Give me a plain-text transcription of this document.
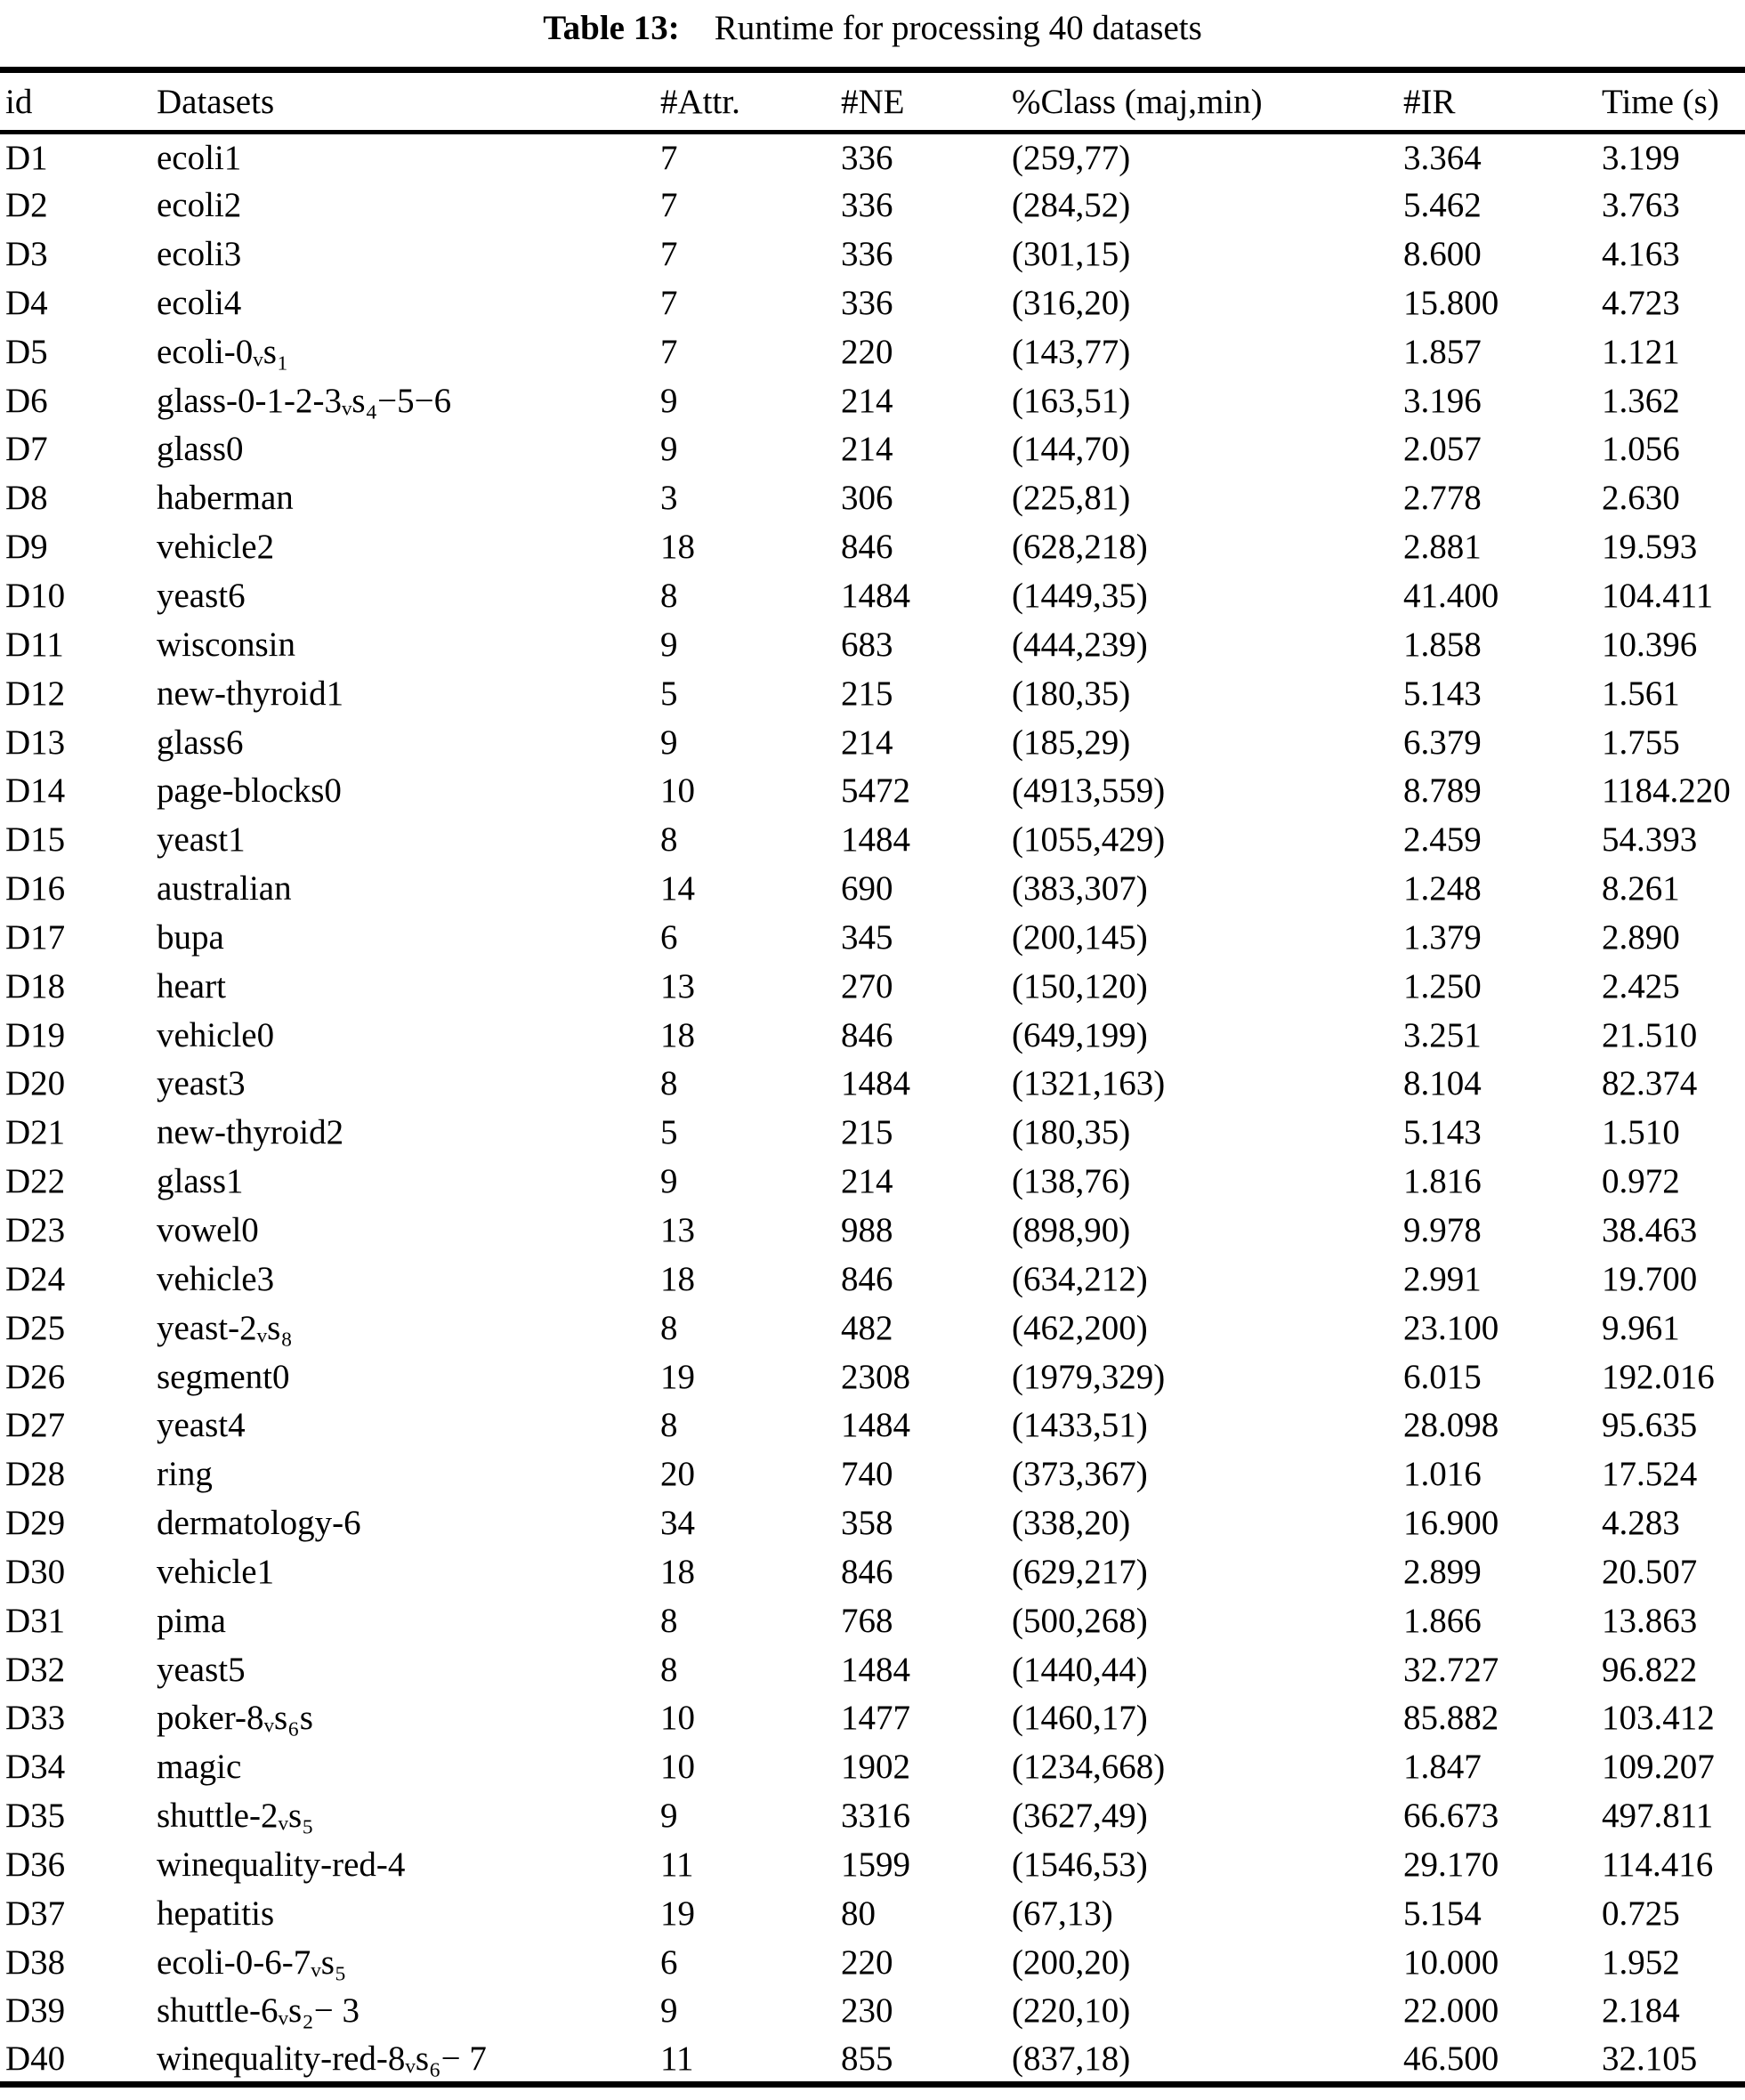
Table 13: Runtime for processing 40 datasets
id	Datasets	#Attr.	#NE	%Class (maj,min)	#IR	Time (s)
D1	ecoli1	7	336	(259,77)	3.364	3.199
D2	ecoli2	7	336	(284,52)	5.462	3.763
D3	ecoli3	7	336	(301,15)	8.600	4.163
D4	ecoli4	7	336	(316,20)	15.800	4.723
D5	ecoli-0ᵥs₁	7	220	(143,77)	1.857	1.121
D6	glass-0-1-2-3ᵥs₄−5−6	9	214	(163,51)	3.196	1.362
D7	glass0	9	214	(144,70)	2.057	1.056
D8	haberman	3	306	(225,81)	2.778	2.630
D9	vehicle2	18	846	(628,218)	2.881	19.593
D10	yeast6	8	1484	(1449,35)	41.400	104.411
D11	wisconsin	9	683	(444,239)	1.858	10.396
D12	new-thyroid1	5	215	(180,35)	5.143	1.561
D13	glass6	9	214	(185,29)	6.379	1.755
D14	page-blocks0	10	5472	(4913,559)	8.789	1184.220
D15	yeast1	8	1484	(1055,429)	2.459	54.393
D16	australian	14	690	(383,307)	1.248	8.261
D17	bupa	6	345	(200,145)	1.379	2.890
D18	heart	13	270	(150,120)	1.250	2.425
D19	vehicle0	18	846	(649,199)	3.251	21.510
D20	yeast3	8	1484	(1321,163)	8.104	82.374
D21	new-thyroid2	5	215	(180,35)	5.143	1.510
D22	glass1	9	214	(138,76)	1.816	0.972
D23	vowel0	13	988	(898,90)	9.978	38.463
D24	vehicle3	18	846	(634,212)	2.991	19.700
D25	yeast-2ᵥs₈	8	482	(462,200)	23.100	9.961
D26	segment0	19	2308	(1979,329)	6.015	192.016
D27	yeast4	8	1484	(1433,51)	28.098	95.635
D28	ring	20	740	(373,367)	1.016	17.524
D29	dermatology-6	34	358	(338,20)	16.900	4.283
D30	vehicle1	18	846	(629,217)	2.899	20.507
D31	pima	8	768	(500,268)	1.866	13.863
D32	yeast5	8	1484	(1440,44)	32.727	96.822
D33	poker-8ᵥs₆s	10	1477	(1460,17)	85.882	103.412
D34	magic	10	1902	(1234,668)	1.847	109.207
D35	shuttle-2ᵥs₅	9	3316	(3627,49)	66.673	497.811
D36	winequality-red-4	11	1599	(1546,53)	29.170	114.416
D37	hepatitis	19	80	(67,13)	5.154	0.725
D38	ecoli-0-6-7ᵥs₅	6	220	(200,20)	10.000	1.952
D39	shuttle-6ᵥs₂− 3	9	230	(220,10)	22.000	2.184
D40	winequality-red-8ᵥs₆− 7	11	855	(837,18)	46.500	32.105
